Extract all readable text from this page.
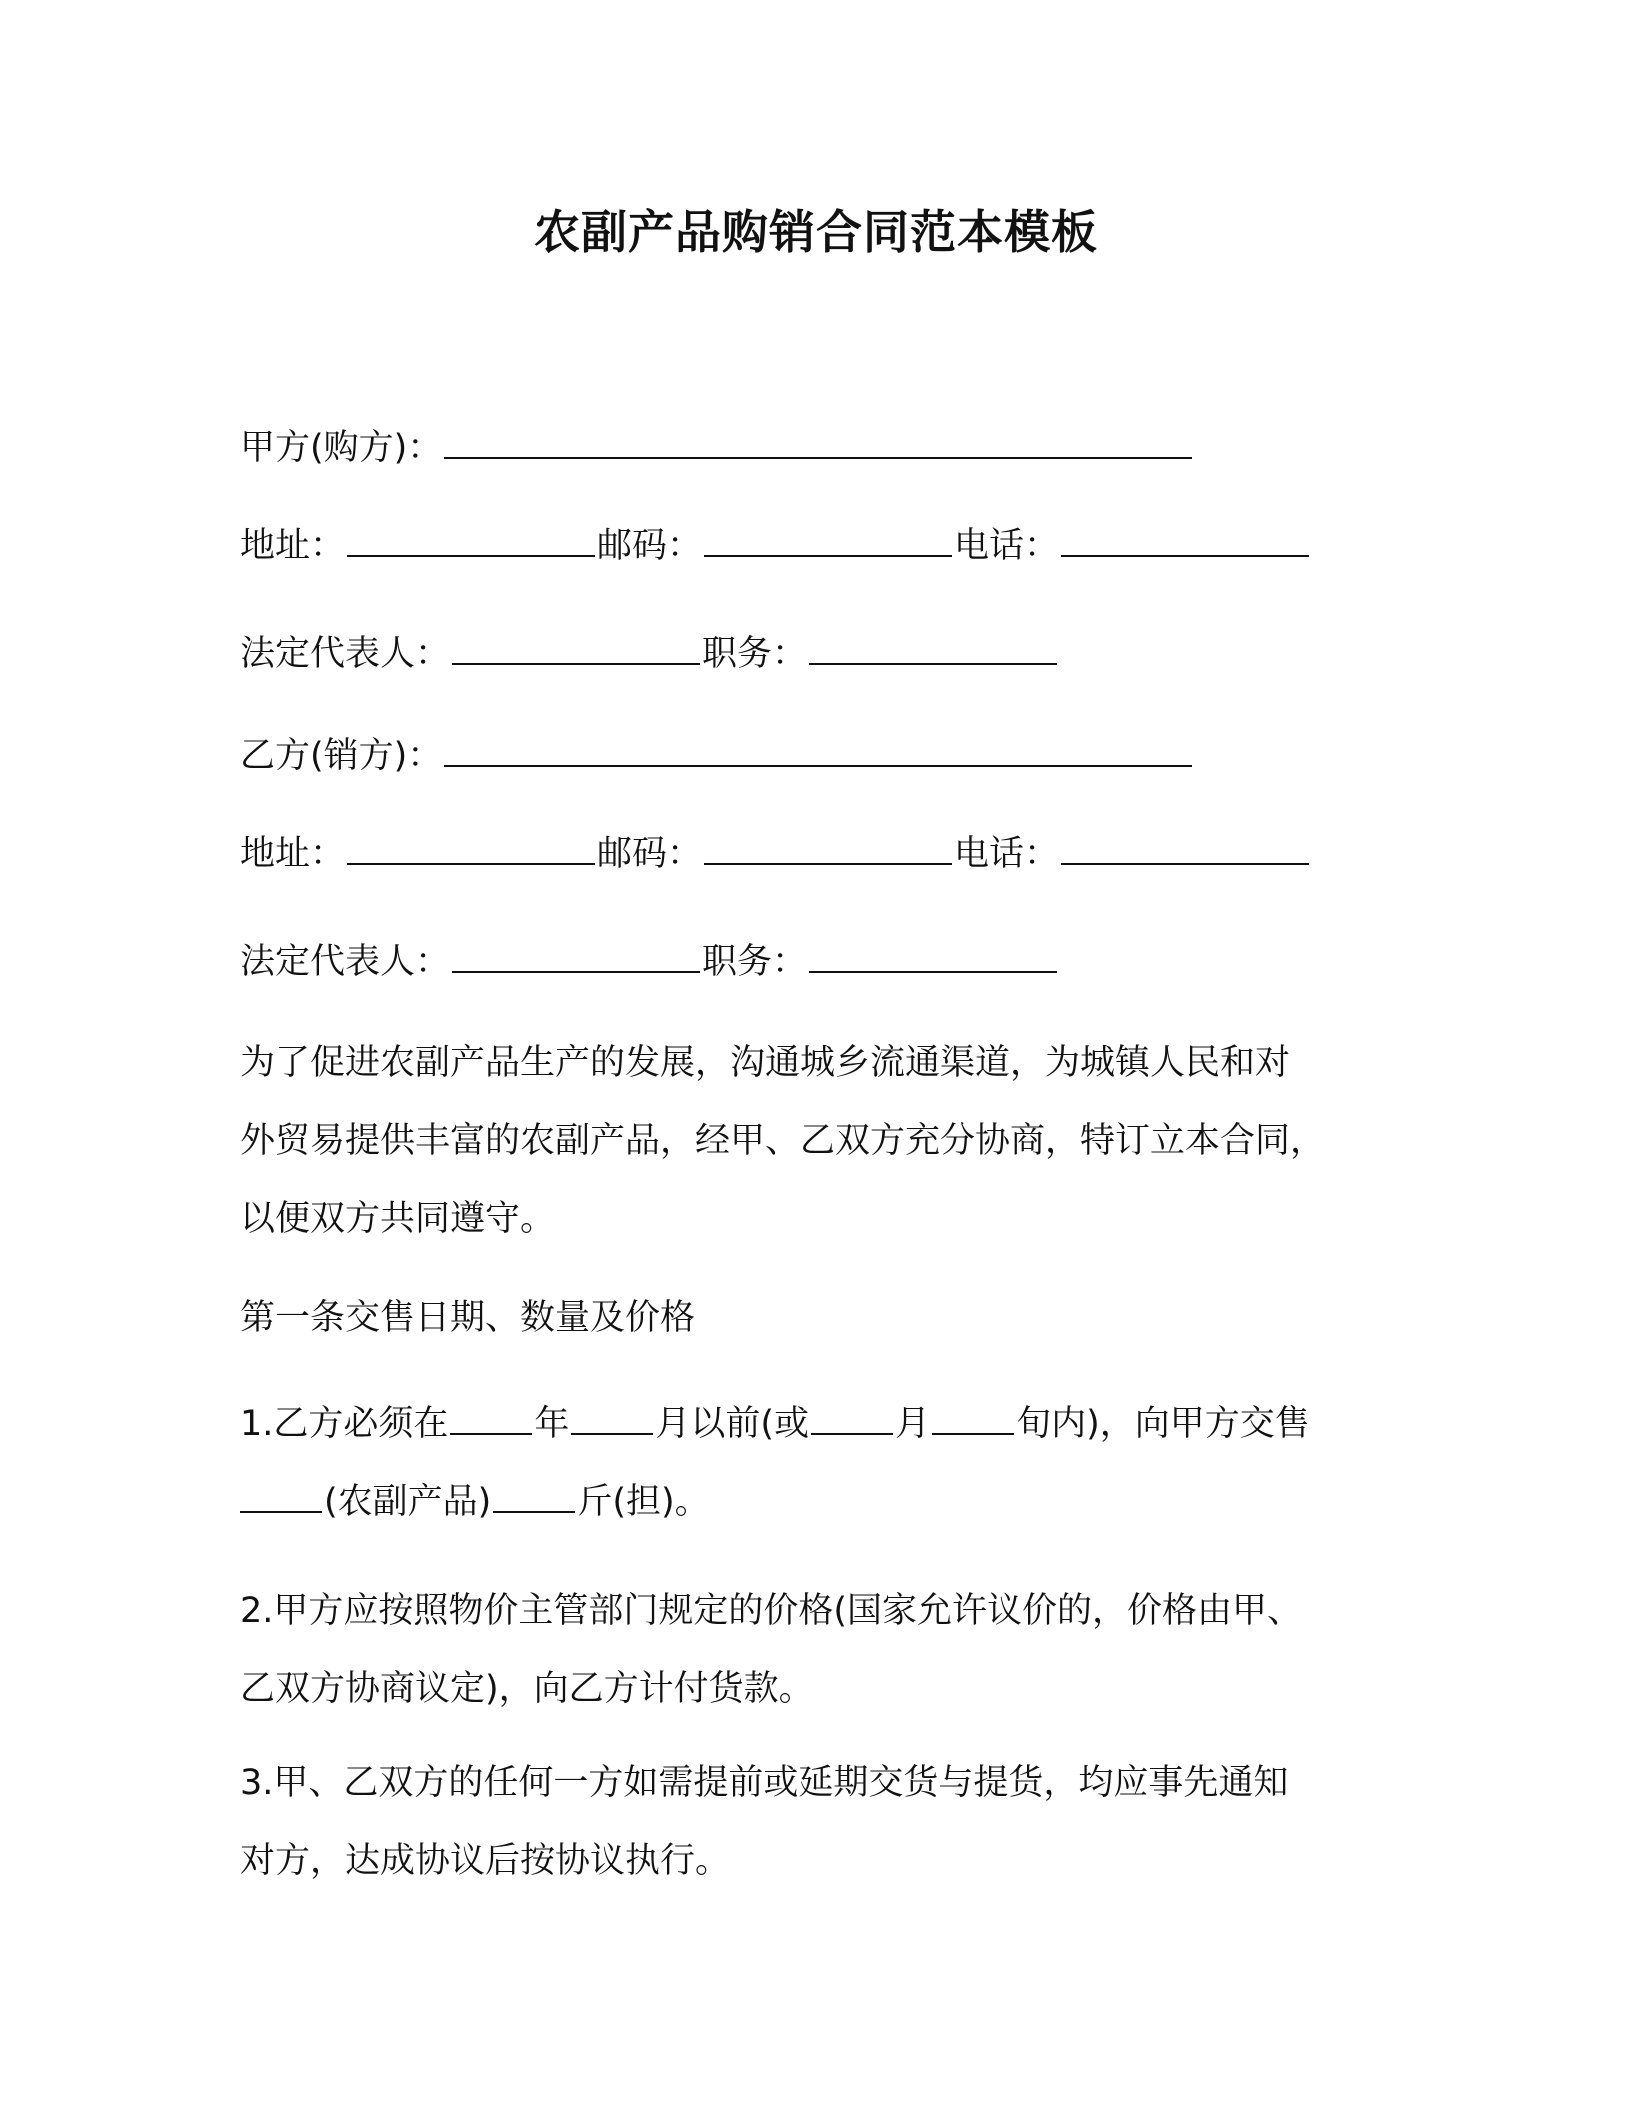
农副产品购销合同范本模板
甲方(购方)：
地址：	邮码：	电话：
法定代表人：	职务：
乙方(销方)：
地址：	邮码：	电话：
法定代表人：	职务：
为了促进农副产品生产的发展，沟通城乡流通渠道，为城镇人民和对
外贸易提供丰富的农副产品，经甲、乙双方充分协商，特订立本合同，
以便双方共同遵守。
第一条交售日期、数量及价格
1.乙方必须在 年 月以前(或 月 旬内)，向甲方交售
(农副产品) 斤(担)。
2.甲方应按照物价主管部门规定的价格(国家允许议价的，价格由甲、
乙双方协商议定)，向乙方计付货款。
3.甲、乙双方的任何一方如需提前或延期交货与提货，均应事先通知
对方，达成协议后按协议执行。
